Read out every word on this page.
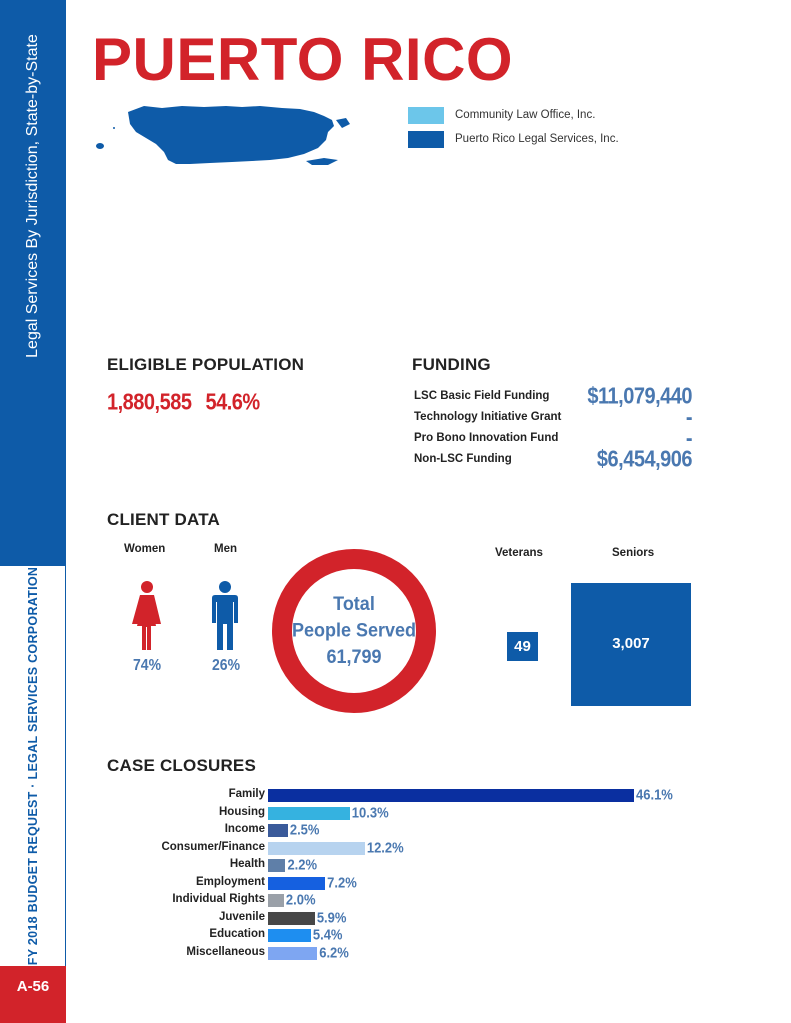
Legal Services By Jurisdiction, State-by-State
FY 2018 BUDGET REQUEST · LEGAL SERVICES CORPORATION
A-56
PUERTO RICO
Community Law Office, Inc.
Puerto Rico Legal Services, Inc.
ELIGIBLE POPULATION
1,880,585 54.6%
FUNDING
LSC Basic Field Funding $11,079,440
Technology Initiative Grant	-
Pro Bono Innovation Fund	-
Non-LSC Funding	$6,454,906
CLIENT DATA
Women	Men	Veterans	Seniors
74%	26%
Total
People Served
61,799	49	3,007
CASE CLOSURES
Family	46.1%
Housing	10.3%
Income 2.5%
Consumer/Finance	12.2%
Health 2.2%
Employment	7.2%
Individual Rights 2.0%
Juvenile	5.9%
Education	5.4%
Miscellaneous	6.2%
